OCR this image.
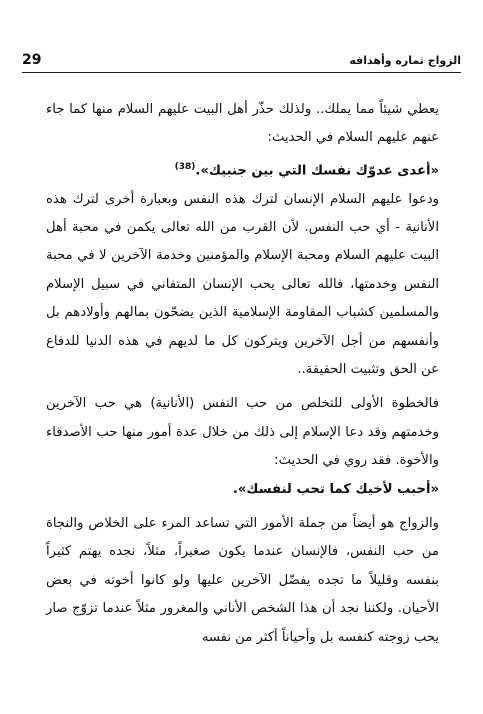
29	الزواج ثماره وأهدافه

يعطي شيئاً مما يملك.. ولذلك حذّر أهل البيت عليهم السلام منها كما جاء عنهم عليهم السلام في الحديث:

«أعدى عدوّك نفسك التي بين جنبيك».$^{(38)}$

ودعوا عليهم السلام الإنسان لترك هذه النفس وبعبارة أخرى لترك هذه الأنانية - أي حب النفس. لأن القرب من الله تعالى يكمن في محبة أهل البيت عليهم السلام ومحبة الإسلام والمؤمنين وخدمة الآخرين لا في محبة النفس وخدمتها، فالله تعالى يحب الإنسان المتفاني في سبيل الإسلام والمسلمين كشباب المقاومة الإسلامية الذين يضحّون بمالهم وأولادهم بل وأنفسهم من أجل الآخرين ويتركون كل ما لديهم في هذه الدنيا للدفاع عن الحق وتثبيت الحقيقة..

فالخطوة الأولى للتخلص من حب النفس (الأنانية) هي حب الآخرين وخدمتهم وقد دعا الإسلام إلى ذلك من خلال عدة أمور منها حب الأصدقاء والأخوة. فقد روي في الحديث:

«أحبب لأخيك كما تحب لنفسك».

والزواج هو أيضاً من جملة الأمور التي تساعد المرء على الخلاص والنجاة من حب النفس، فالإنسان عندما يكون صغيراً، مثلاً، نجده يهتم كثيراً بنفسه وقليلاً ما تجده يفضّل الآخرين عليها ولو كانوا أخوته في بعض الأحيان. ولكننا نجد أن هذا الشخص الأناني والمغرور مثلاً عندما تزوّج صار يحب زوجته كنفسه بل وأحياناً أكثر من نفسه
